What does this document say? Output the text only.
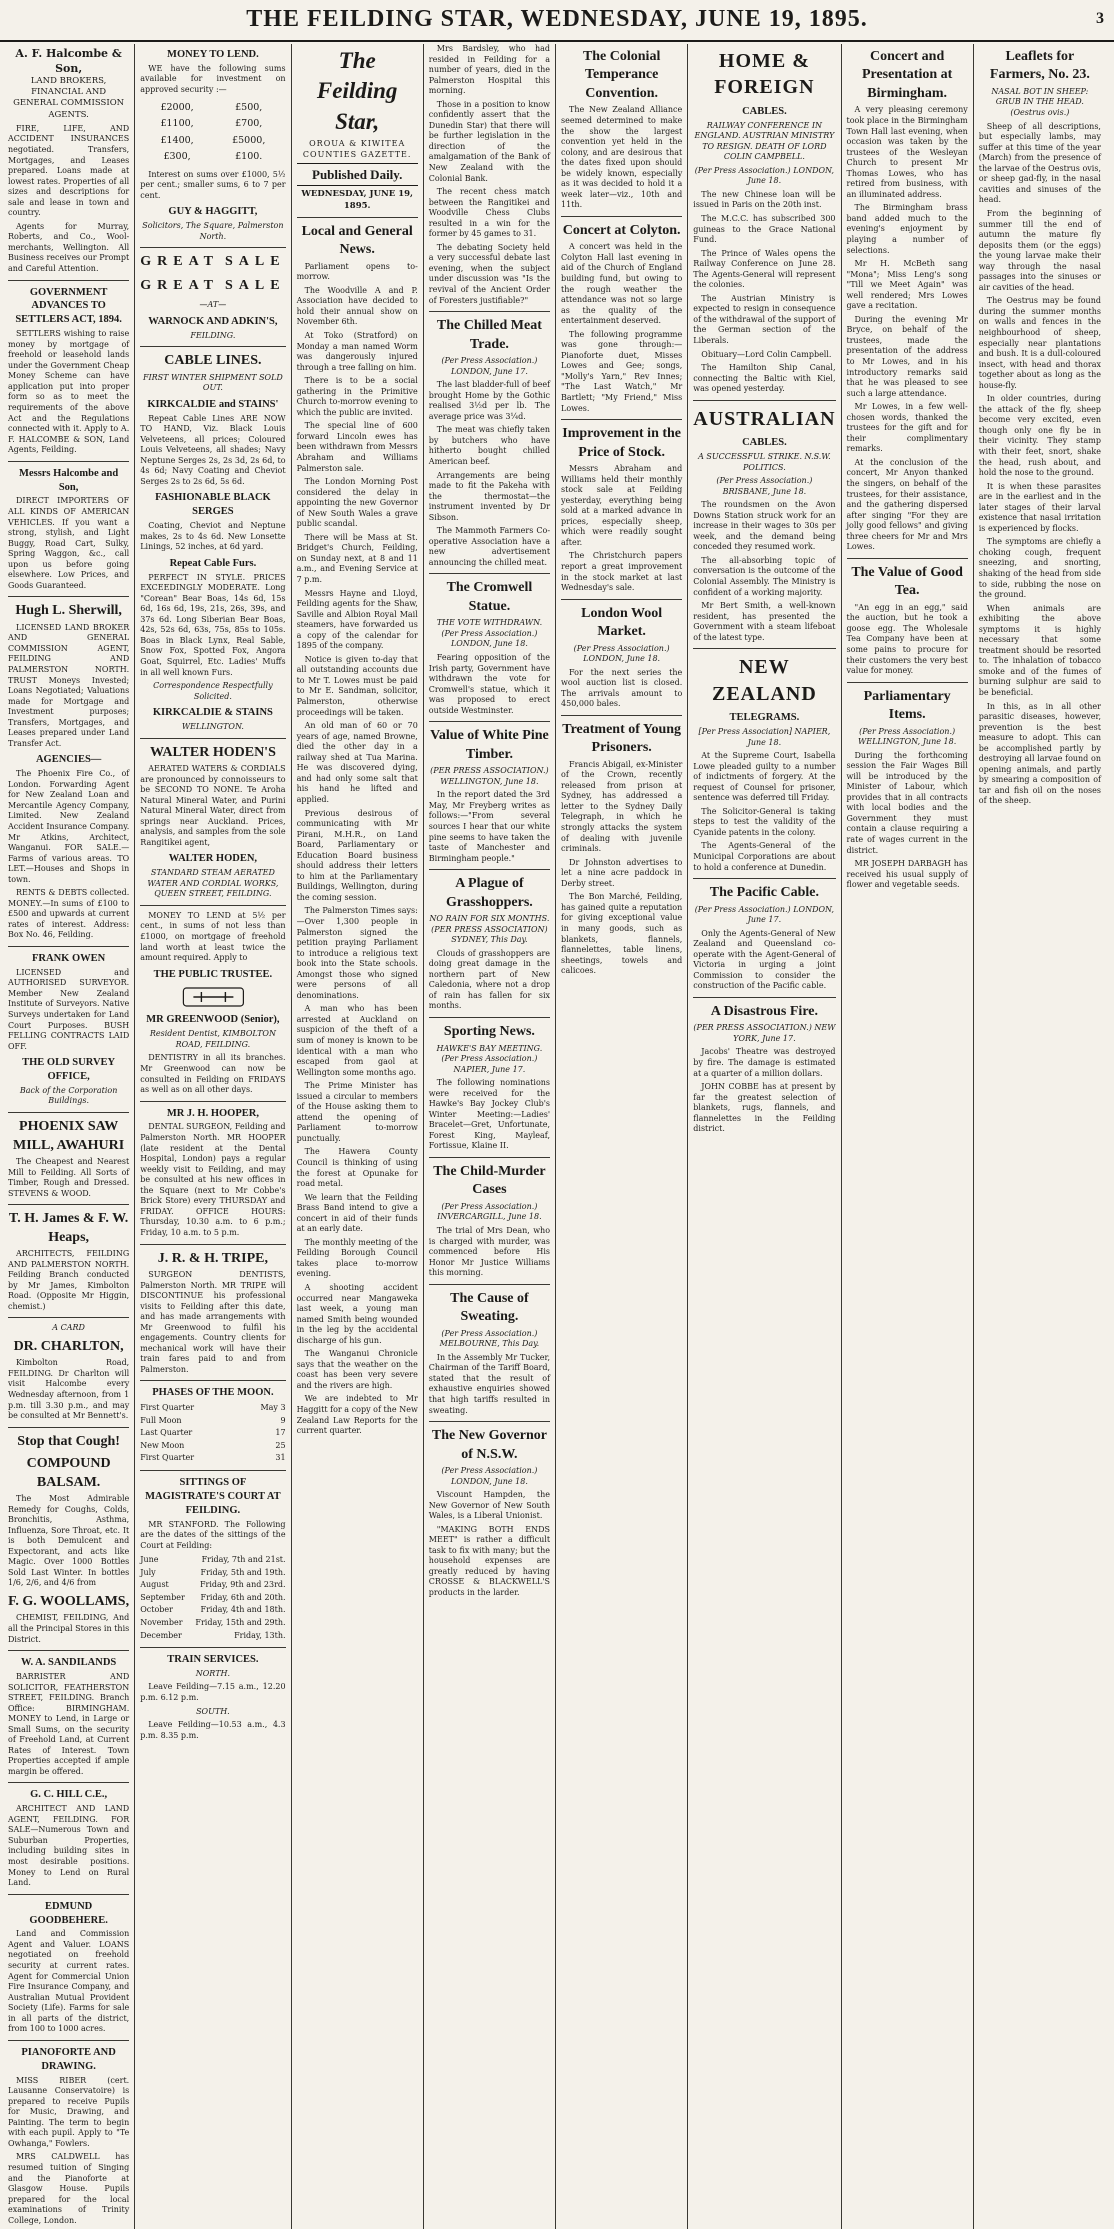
THE FEILDING STAR, WEDNESDAY, JUNE 19, 1895.	3
A. F. Halcombe & Son,
LAND BROKERS,
FINANCIAL AND GENERAL COMMISSION AGENTS.

FIRE, LIFE, AND ACCIDENT INSURANCES negotiated. Transfers, Mortgages, and Leases prepared. Loans made at lowest rates. Properties of all sizes and descriptions for sale and lease in town and country.

Agents for Murray, Roberts, and Co., Wool-merchants, Wellington. All Business receives our Prompt and Careful Attention.

GOVERNMENT ADVANCES TO SETTLERS ACT, 1894.

SETTLERS wishing to raise money by mortgage of freehold or leasehold lands under the Government Cheap Money Scheme can have application put into proper form so as to meet the requirements of the above Act and the Regulations connected with it. Apply to A. F. HALCOMBE & SON, Land Agents, Feilding.

Messrs Halcombe and Son,

DIRECT IMPORTERS OF ALL KINDS OF AMERICAN VEHICLES. If you want a strong, stylish, and Light Buggy, Road Cart, Sulky, Spring Waggon, &c., call upon us before going elsewhere. Low Prices, and Goods Guaranteed.

Hugh L. Sherwill,

LICENSED LAND BROKER AND GENERAL COMMISSION AGENT, FEILDING AND PALMERSTON NORTH. TRUST Moneys Invested; Loans Negotiated; Valuations made for Mortgage and Investment purposes; Transfers, Mortgages, and Leases prepared under Land Transfer Act.

AGENCIES—

The Phoenix Fire Co., of London. Forwarding Agent for New Zealand Loan and Mercantile Agency Company, Limited. New Zealand Accident Insurance Company. Mr Atkins, Architect, Wanganui. FOR SALE.—Farms of various areas. TO LET.—Houses and Shops in town.

RENTS & DEBTS collected. MONEY.—In sums of £100 to £500 and upwards at current rates of interest. Address: Box No. 46, Feilding.

FRANK OWEN

LICENSED and AUTHORISED SURVEYOR. Member New Zealand Institute of Surveyors. Native Surveys undertaken for Land Court Purposes. BUSH FELLING CONTRACTS LAID OFF.

THE OLD SURVEY OFFICE,
Back of the Corporation Buildings.
PHOENIX SAW MILL, AWAHURI

The Cheapest and Nearest Mill to Feilding. All Sorts of Timber, Rough and Dressed. STEVENS & WOOD.

T. H. James & F. W. Heaps,

ARCHITECTS, FEILDING AND PALMERSTON NORTH. Feilding Branch conducted by Mr James, Kimbolton Road. (Opposite Mr Higgin, chemist.)

A CARD
DR. CHARLTON,

Kimbolton Road, FEILDING. Dr Charlton will visit Halcombe every Wednesday afternoon, from 1 p.m. till 3.30 p.m., and may be consulted at Mr Bennett's.

Stop that Cough!
COMPOUND BALSAM.

The Most Admirable Remedy for Coughs, Colds, Bronchitis, Asthma, Influenza, Sore Throat, etc. It is both Demulcent and Expectorant, and acts like Magic. Over 1000 Bottles Sold Last Winter. In bottles 1/6, 2/6, and 4/6 from

F. G. WOOLLAMS,

CHEMIST, FEILDING, And all the Principal Stores in this District.

W. A. SANDILANDS

BARRISTER AND SOLICITOR, FEATHERSTON STREET, FEILDING. Branch Office: BIRMINGHAM. MONEY to Lend, in Large or Small Sums, on the security of Freehold Land, at Current Rates of Interest. Town Properties accepted if ample margin be offered.

G. C. HILL C.E.,

ARCHITECT AND LAND AGENT, FEILDING. FOR SALE—Numerous Town and Suburban Properties, including building sites in most desirable positions. Money to Lend on Rural Land.

EDMUND GOODBEHERE.

Land and Commission Agent and Valuer. LOANS negotiated on freehold security at current rates. Agent for Commercial Union Fire Insurance Company, and Australian Mutual Provident Society (Life). Farms for sale in all parts of the district, from 100 to 1000 acres.

PIANOFORTE AND DRAWING.

MISS RIBER (cert. Lausanne Conservatoire) is prepared to receive Pupils for Music, Drawing, and Painting. The term to begin with each pupil. Apply to "Te Owhanga," Fowlers.

MRS CALDWELL has resumed tuition of Singing and the Pianoforte at Glasgow House. Pupils prepared for the local examinations of Trinity College, London.

MONEY TO LEND.

WE have the following sums available for investment on approved security :—

£2000,	£500,
£1100,	£700,
£1400,	£5000,
£300,	£100.

Interest on sums over £1000, 5½ per cent.; smaller sums, 6 to 7 per cent.

GUY & HAGGITT,
Solicitors, The Square, Palmerston North.
GREAT SALE
GREAT SALE
—AT—
WARNOCK AND ADKIN'S,
FEILDING.
CABLE LINES.
FIRST WINTER SHIPMENT SOLD OUT.
KIRKCALDIE and STAINS'

Repeat Cable Lines ARE NOW TO HAND, Viz. Black Louis Velveteens, all prices; Coloured Louis Velveteens, all shades; Navy Neptune Serges 2s, 2s 3d, 2s 6d, to 4s 6d; Navy Coating and Cheviot Serges 2s to 2s 6d, 5s 6d.

FASHIONABLE BLACK SERGES

Coating, Cheviot and Neptune makes, 2s to 4s 6d. New Lonsette Linings, 52 inches, at 6d yard.

Repeat Cable Furs.

PERFECT IN STYLE. PRICES EXCEEDINGLY MODERATE. Long "Corean" Bear Boas, 14s 6d, 15s 6d, 16s 6d, 19s, 21s, 26s, 39s, and 37s 6d. Long Siberian Bear Boas, 42s, 52s 6d, 63s, 75s, 85s to 105s. Boas in Black Lynx, Real Sable, Snow Fox, Spotted Fox, Angora Goat, Squirrel, Etc. Ladies' Muffs in all well known Furs.

Correspondence Respectfully Solicited.
KIRKCALDIE & STAINS
WELLINGTON.
WALTER HODEN'S

AERATED WATERS & CORDIALS are pronounced by connoisseurs to be SECOND TO NONE. Te Aroha Natural Mineral Water, and Purini Natural Mineral Water, direct from springs near Auckland. Prices, analysis, and samples from the sole Rangitikei agent,

WALTER HODEN,
STANDARD STEAM AERATED WATER AND CORDIAL WORKS, QUEEN STREET, FEILDING.

MONEY TO LEND at 5½ per cent., in sums of not less than £1000, on mortgage of freehold land worth at least twice the amount required. Apply to

THE PUBLIC TRUSTEE.
MR GREENWOOD (Senior),
Resident Dentist, KIMBOLTON ROAD, FEILDING.

DENTISTRY in all its branches. Mr Greenwood can now be consulted in Feilding on FRIDAYS as well as on all other days.

MR J. H. HOOPER,

DENTAL SURGEON, Feilding and Palmerston North. MR HOOPER (late resident at the Dental Hospital, London) pays a regular weekly visit to Feilding, and may be consulted at his new offices in the Square (next to Mr Cobbe's Brick Store) every THURSDAY and FRIDAY. OFFICE HOURS: Thursday, 10.30 a.m. to 6 p.m.; Friday, 10 a.m. to 5 p.m.

J. R. & H. TRIPE,

SURGEON DENTISTS, Palmerston North. MR TRIPE will DISCONTINUE his professional visits to Feilding after this date, and has made arrangements with Mr Greenwood to fulfil his engagements. Country clients for mechanical work will have their train fares paid to and from Palmerston.

PHASES OF THE MOON.
First Quarter	May 3
Full Moon	9
Last Quarter	17
New Moon	25
First Quarter	31
SITTINGS OF MAGISTRATE'S COURT AT FEILDING.

MR STANFORD. The Following are the dates of the sittings of the Court at Feilding:

June	Friday, 7th and 21st.
July	Friday, 5th and 19th.
August	Friday, 9th and 23rd.
September	Friday, 6th and 20th.
October	Friday, 4th and 18th.
November	Friday, 15th and 29th.
December	Friday, 13th.
TRAIN SERVICES.
NORTH.

Leave Feilding—7.15 a.m., 12.20 p.m. 6.12 p.m.

SOUTH.

Leave Feilding—10.53 a.m., 4.3 p.m. 8.35 p.m.

The Feilding Star,
OROUA & KIWITEA COUNTIES GAZETTE.
Published Daily.
WEDNESDAY, JUNE 19, 1895.
Local and General News.

Parliament opens to-morrow.

The Woodville A and P. Association have decided to hold their annual show on November 6th.

At Toko (Stratford) on Monday a man named Worm was dangerously injured through a tree falling on him.

There is to be a social gathering in the Primitive Church to-morrow evening to which the public are invited.

The special line of 600 forward Lincoln ewes has been withdrawn from Messrs Abraham and Williams Palmerston sale.

The London Morning Post considered the delay in appointing the new Governor of New South Wales a grave public scandal.

There will be Mass at St. Bridget's Church, Feilding, on Sunday next, at 8 and 11 a.m., and Evening Service at 7 p.m.

Messrs Hayne and Lloyd, Feilding agents for the Shaw, Saville and Albion Royal Mail steamers, have forwarded us a copy of the calendar for 1895 of the company.

Notice is given to-day that all outstanding accounts due to Mr T. Lowes must be paid to Mr E. Sandman, solicitor, Palmerston, otherwise proceedings will be taken.

An old man of 60 or 70 years of age, named Browne, died the other day in a railway shed at Tua Marina. He was discovered dying, and had only some salt that his hand he lifted and applied.

Previous desirous of communicating with Mr Pirani, M.H.R., on Land Board, Parliamentary or Education Board business should address their letters to him at the Parliamentary Buildings, Wellington, during the coming session.

The Palmerston Times says:—Over 1,300 people in Palmerston signed the petition praying Parliament to introduce a religious text book into the State schools. Amongst those who signed were persons of all denominations.

A man who has been arrested at Auckland on suspicion of the theft of a sum of money is known to be identical with a man who escaped from gaol at Wellington some months ago.

The Prime Minister has issued a circular to members of the House asking them to attend the opening of Parliament to-morrow punctually.

The Hawera County Council is thinking of using the forest at Opunake for road metal.

We learn that the Feilding Brass Band intend to give a concert in aid of their funds at an early date.

The monthly meeting of the Feilding Borough Council takes place to-morrow evening.

A shooting accident occurred near Mangaweka last week, a young man named Smith being wounded in the leg by the accidental discharge of his gun.

The Wanganui Chronicle says that the weather on the coast has been very severe and the rivers are high.

We are indebted to Mr Haggitt for a copy of the New Zealand Law Reports for the current quarter.

Mrs Bardsley, who had resided in Feilding for a number of years, died in the Palmerston Hospital this morning.

Those in a position to know confidently assert that the Dunedin Star) that there will be further legislation in the direction of the amalgamation of the Bank of New Zealand with the Colonial Bank.

The recent chess match between the Rangitikei and Woodville Chess Clubs resulted in a win for the former by 45 games to 31.

The debating Society held a very successful debate last evening, when the subject under discussion was "Is the revival of the Ancient Order of Foresters justifiable?"

The Chilled Meat Trade.
(Per Press Association.) LONDON, June 17.

The last bladder-full of beef brought Home by the Gothic realised 3½d per lb. The average price was 3¼d.

The meat was chiefly taken by butchers who have hitherto bought chilled American beef.

Arrangements are being made to fit the Pakeha with the thermostat—the instrument invented by Dr Sibson.

The Mammoth Farmers Co-operative Association have a new advertisement announcing the chilled meat.

The Cromwell Statue.
THE VOTE WITHDRAWN. (Per Press Association.) LONDON, June 18.

Fearing opposition of the Irish party, Government have withdrawn the vote for Cromwell's statue, which it was proposed to erect outside Westminster.

Value of White Pine Timber.
(PER PRESS ASSOCIATION.) WELLINGTON, June 18.

In the report dated the 3rd May, Mr Freyberg writes as follows:—"From several sources I hear that our white pine seems to have taken the taste of Manchester and Birmingham people."

A Plague of Grasshoppers.
NO RAIN FOR SIX MONTHS. (PER PRESS ASSOCIATION) SYDNEY, This Day.

Clouds of grasshoppers are doing great damage in the northern part of New Caledonia, where not a drop of rain has fallen for six months.

Sporting News.
HAWKE'S BAY MEETING. (Per Press Association.) NAPIER, June 17.

The following nominations were received for the Hawke's Bay Jockey Club's Winter Meeting:—Ladies' Bracelet—Gret, Unfortunate, Forest King, Mayleaf, Fortissue, Klaine II.

The Child-Murder Cases
(Per Press Association.) INVERCARGILL, June 18.

The trial of Mrs Dean, who is charged with murder, was commenced before His Honor Mr Justice Williams this morning.

The Cause of Sweating.
(Per Press Association.) MELBOURNE, This Day.

In the Assembly Mr Tucker, Chairman of the Tariff Board, stated that the result of exhaustive enquiries showed that high tariffs resulted in sweating.

The New Governor of N.S.W.
(Per Press Association.) LONDON, June 18.

Viscount Hampden, the New Governor of New South Wales, is a Liberal Unionist.

"MAKING BOTH ENDS MEET" is rather a difficult task to fix with many; but the household expenses are greatly reduced by having CROSSE & BLACKWELL'S products in the larder.

The Colonial Temperance Convention.

The New Zealand Alliance seemed determined to make the show the largest convention yet held in the colony, and are desirous that the dates fixed upon should be widely known, especially as it was decided to hold it a week later—viz., 10th and 11th.

Concert at Colyton.

A concert was held in the Colyton Hall last evening in aid of the Church of England building fund, but owing to the rough weather the attendance was not so large as the quality of the entertainment deserved.

The following programme was gone through:—Pianoforte duet, Misses Lowes and Gee; songs, "Molly's Yarn," Rev Innes; "The Last Watch," Mr Bartlett; "My Friend," Miss Lowes.

Improvement in the Price of Stock.

Messrs Abraham and Williams held their monthly stock sale at Feilding yesterday, everything being sold at a marked advance in prices, especially sheep, which were readily sought after.

The Christchurch papers report a great improvement in the stock market at last Wednesday's sale.

London Wool Market.
(Per Press Association.) LONDON, June 18.

For the next series the wool auction list is closed. The arrivals amount to 450,000 bales.

Treatment of Young Prisoners.

Francis Abigail, ex-Minister of the Crown, recently released from prison at Sydney, has addressed a letter to the Sydney Daily Telegraph, in which he strongly attacks the system of dealing with juvenile criminals.

Dr Johnston advertises to let a nine acre paddock in Derby street.

The Bon Marché, Feilding, has gained quite a reputation for giving exceptional value in many goods, such as blankets, flannels, flannelettes, table linens, sheetings, towels and calicoes.

HOME & FOREIGN
CABLES.
RAILWAY CONFERENCE IN ENGLAND. AUSTRIAN MINISTRY TO RESIGN. DEATH OF LORD COLIN CAMPBELL.
(Per Press Association.) LONDON, June 18.

The new Chinese loan will be issued in Paris on the 20th inst.

The M.C.C. has subscribed 300 guineas to the Grace National Fund.

The Prince of Wales opens the Railway Conference on June 28. The Agents-General will represent the colonies.

The Austrian Ministry is expected to resign in consequence of the withdrawal of the support of the German section of the Liberals.

Obituary—Lord Colin Campbell.

The Hamilton Ship Canal, connecting the Baltic with Kiel, was opened yesterday.

AUSTRALIAN
CABLES.
A SUCCESSFUL STRIKE. N.S.W. POLITICS.
(Per Press Association.) BRISBANE, June 18.

The roundsmen on the Avon Downs Station struck work for an increase in their wages to 30s per week, and the demand being conceded they resumed work.

The all-absorbing topic of conversation is the outcome of the Colonial Assembly. The Ministry is confident of a working majority.

Mr Bert Smith, a well-known resident, has presented the Government with a steam lifeboat of the latest type.

NEW ZEALAND
TELEGRAMS.
[Per Press Association] NAPIER, June 18.

At the Supreme Court, Isabella Lowe pleaded guilty to a number of indictments of forgery. At the request of Counsel for prisoner, sentence was deferred till Friday.

The Solicitor-General is taking steps to test the validity of the Cyanide patents in the colony.

The Agents-General of the Municipal Corporations are about to hold a conference at Dunedin.

The Pacific Cable.
(Per Press Association.) LONDON, June 17.

Only the Agents-General of New Zealand and Queensland co-operate with the Agent-General of Victoria in urging a joint Commission to consider the construction of the Pacific cable.

A Disastrous Fire.
(PER PRESS ASSOCIATION.) NEW YORK, June 17.

Jacobs' Theatre was destroyed by fire. The damage is estimated at a quarter of a million dollars.

JOHN COBBE has at present by far the greatest selection of blankets, rugs, flannels, and flannelettes in the Feilding district.

Concert and Presentation at Birmingham.

A very pleasing ceremony took place in the Birmingham Town Hall last evening, when occasion was taken by the trustees of the Wesleyan Church to present Mr Thomas Lowes, who has retired from business, with an illuminated address.

The Birmingham brass band added much to the evening's enjoyment by playing a number of selections.

Mr H. McBeth sang "Mona"; Miss Leng's song "Till we Meet Again" was well rendered; Mrs Lowes gave a recitation.

During the evening Mr Bryce, on behalf of the trustees, made the presentation of the address to Mr Lowes, and in his introductory remarks said that he was pleased to see such a large attendance.

Mr Lowes, in a few well-chosen words, thanked the trustees for the gift and for their complimentary remarks.

At the conclusion of the concert, Mr Anyon thanked the singers, on behalf of the trustees, for their assistance, and the gathering dispersed after singing "For they are jolly good fellows" and giving three cheers for Mr and Mrs Lowes.

The Value of Good Tea.

"An egg in an egg," said the auction, but he took a goose egg. The Wholesale Tea Company have been at some pains to procure for their customers the very best value for money.

Parliamentary Items.
(Per Press Association.) WELLINGTON, June 18.

During the forthcoming session the Fair Wages Bill will be introduced by the Minister of Labour, which provides that in all contracts with local bodies and the Government they must contain a clause requiring a rate of wages current in the district.

MR JOSEPH DARBAGH has received his usual supply of flower and vegetable seeds.

Leaflets for Farmers, No. 23.
NASAL BOT IN SHEEP: GRUB IN THE HEAD. (Oestrus ovis.)

Sheep of all descriptions, but especially lambs, may suffer at this time of the year (March) from the presence of the larvae of the Oestrus ovis, or sheep gad-fly, in the nasal cavities and sinuses of the head.

From the beginning of summer till the end of autumn the mature fly deposits them (or the eggs) the young larvae make their way through the nasal passages into the sinuses or air cavities of the head.

The Oestrus may be found during the summer months on walls and fences in the neighbourhood of sheep, especially near plantations and bush. It is a dull-coloured insect, with head and thorax together about as long as the house-fly.

In older countries, during the attack of the fly, sheep become very excited, even though only one fly be in their vicinity. They stamp with their feet, snort, shake the head, rush about, and hold the nose to the ground.

It is when these parasites are in the earliest and in the later stages of their larval existence that nasal irritation is experienced by flocks.

The symptoms are chiefly a choking cough, frequent sneezing, and snorting, shaking of the head from side to side, rubbing the nose on the ground.

When animals are exhibiting the above symptoms it is highly necessary that some treatment should be resorted to. The inhalation of tobacco smoke and of the fumes of burning sulphur are said to be beneficial.

In this, as in all other parasitic diseases, however, prevention is the best measure to adopt. This can be accomplished partly by destroying all larvae found on opening animals, and partly by smearing a composition of tar and fish oil on the noses of the sheep.
